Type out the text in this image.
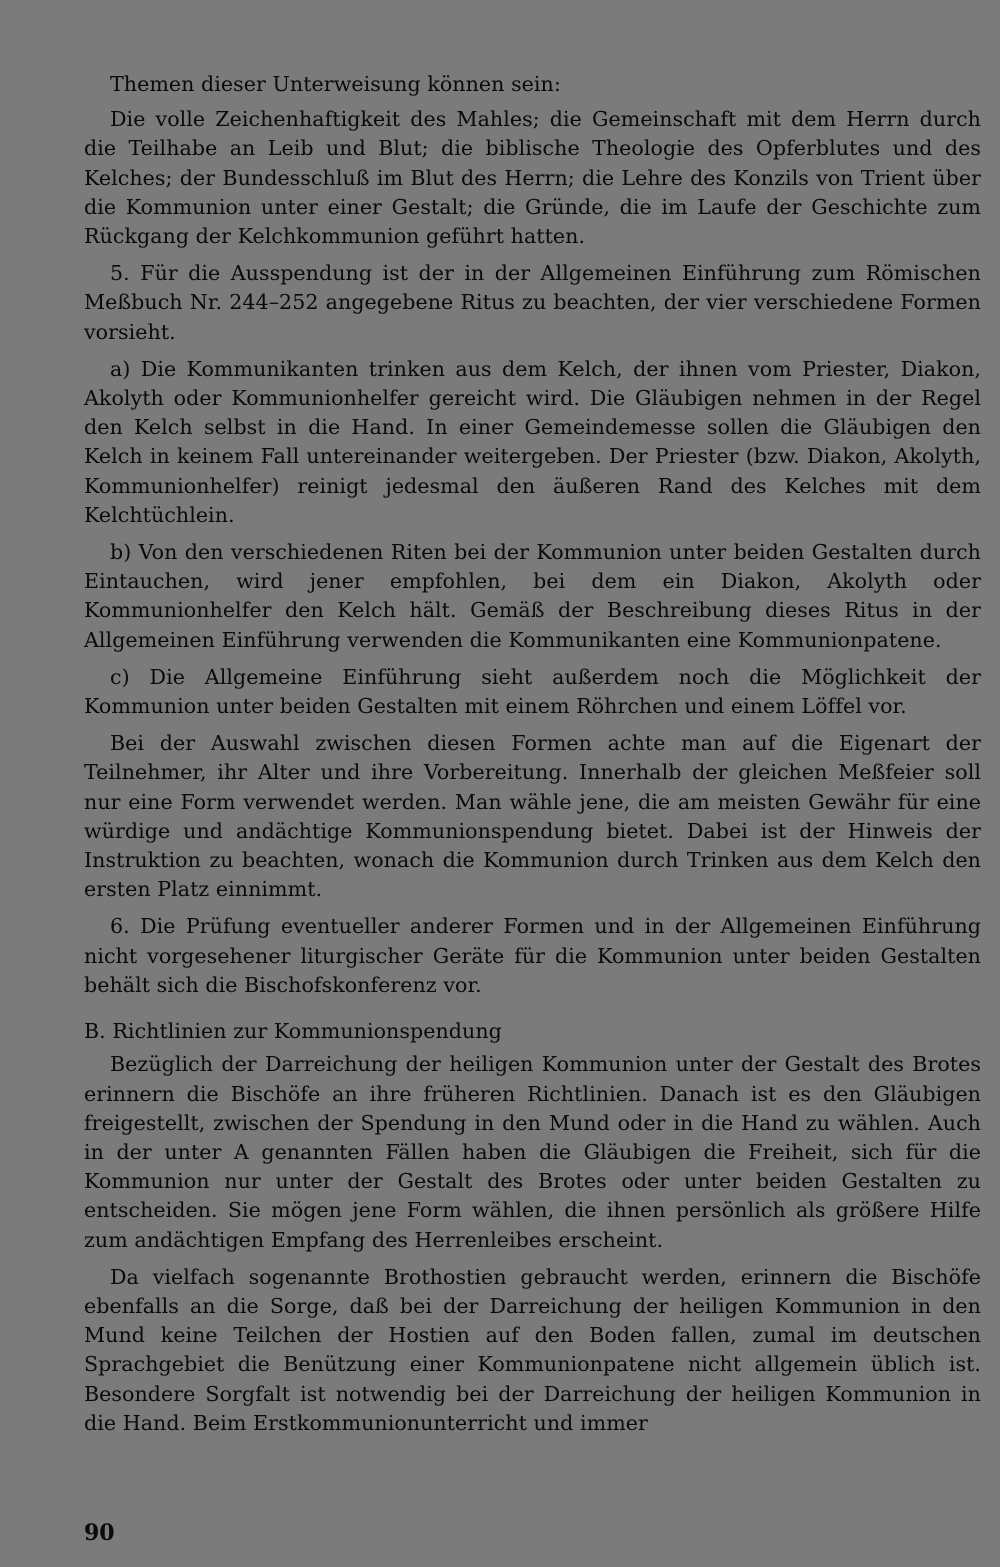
Themen dieser Unterweisung können sein:

Die volle Zeichenhaftigkeit des Mahles; die Gemeinschaft mit dem Herrn durch die Teilhabe an Leib und Blut; die biblische Theologie des Opferblutes und des Kelches; der Bundesschluß im Blut des Herrn; die Lehre des Konzils von Trient über die Kommunion unter einer Gestalt; die Gründe, die im Laufe der Geschichte zum Rückgang der Kelchkommunion geführt hatten.

5. Für die Ausspendung ist der in der Allgemeinen Einführung zum Römischen Meßbuch Nr. 244–252 angegebene Ritus zu beachten, der vier verschiedene Formen vorsieht.

a) Die Kommunikanten trinken aus dem Kelch, der ihnen vom Priester, Diakon, Akolyth oder Kommunionhelfer gereicht wird. Die Gläubigen nehmen in der Regel den Kelch selbst in die Hand. In einer Gemeindemesse sollen die Gläubigen den Kelch in keinem Fall untereinander weitergeben. Der Priester (bzw. Diakon, Akolyth, Kommunionhelfer) reinigt jedesmal den äußeren Rand des Kelches mit dem Kelchtüchlein.

b) Von den verschiedenen Riten bei der Kommunion unter beiden Gestalten durch Eintauchen, wird jener empfohlen, bei dem ein Diakon, Akolyth oder Kommunionhelfer den Kelch hält. Gemäß der Beschreibung dieses Ritus in der Allgemeinen Einführung verwenden die Kommunikanten eine Kommunionpatene.

c) Die Allgemeine Einführung sieht außerdem noch die Möglichkeit der Kommunion unter beiden Gestalten mit einem Röhrchen und einem Löffel vor.

Bei der Auswahl zwischen diesen Formen achte man auf die Eigenart der Teilnehmer, ihr Alter und ihre Vorbereitung. Innerhalb der gleichen Meßfeier soll nur eine Form verwendet werden. Man wähle jene, die am meisten Gewähr für eine würdige und andächtige Kommunionspendung bietet. Dabei ist der Hinweis der Instruktion zu beachten, wonach die Kommunion durch Trinken aus dem Kelch den ersten Platz einnimmt.

6. Die Prüfung eventueller anderer Formen und in der Allgemeinen Einführung nicht vorgesehener liturgischer Geräte für die Kommunion unter beiden Gestalten behält sich die Bischofskonferenz vor.

B. Richtlinien zur Kommunionspendung

Bezüglich der Darreichung der heiligen Kommunion unter der Gestalt des Brotes erinnern die Bischöfe an ihre früheren Richtlinien. Danach ist es den Gläubigen freigestellt, zwischen der Spendung in den Mund oder in die Hand zu wählen. Auch in der unter A genannten Fällen haben die Gläubigen die Freiheit, sich für die Kommunion nur unter der Gestalt des Brotes oder unter beiden Gestalten zu entscheiden. Sie mögen jene Form wählen, die ihnen persönlich als größere Hilfe zum andächtigen Empfang des Herrenleibes erscheint.

Da vielfach sogenannte Brothostien gebraucht werden, erinnern die Bischöfe ebenfalls an die Sorge, daß bei der Darreichung der heiligen Kommunion in den Mund keine Teilchen der Hostien auf den Boden fallen, zumal im deutschen Sprachgebiet die Benützung einer Kommunionpatene nicht allgemein üblich ist. Besondere Sorgfalt ist notwendig bei der Darreichung der heiligen Kommunion in die Hand. Beim Erstkommunionunterricht und immer

90
